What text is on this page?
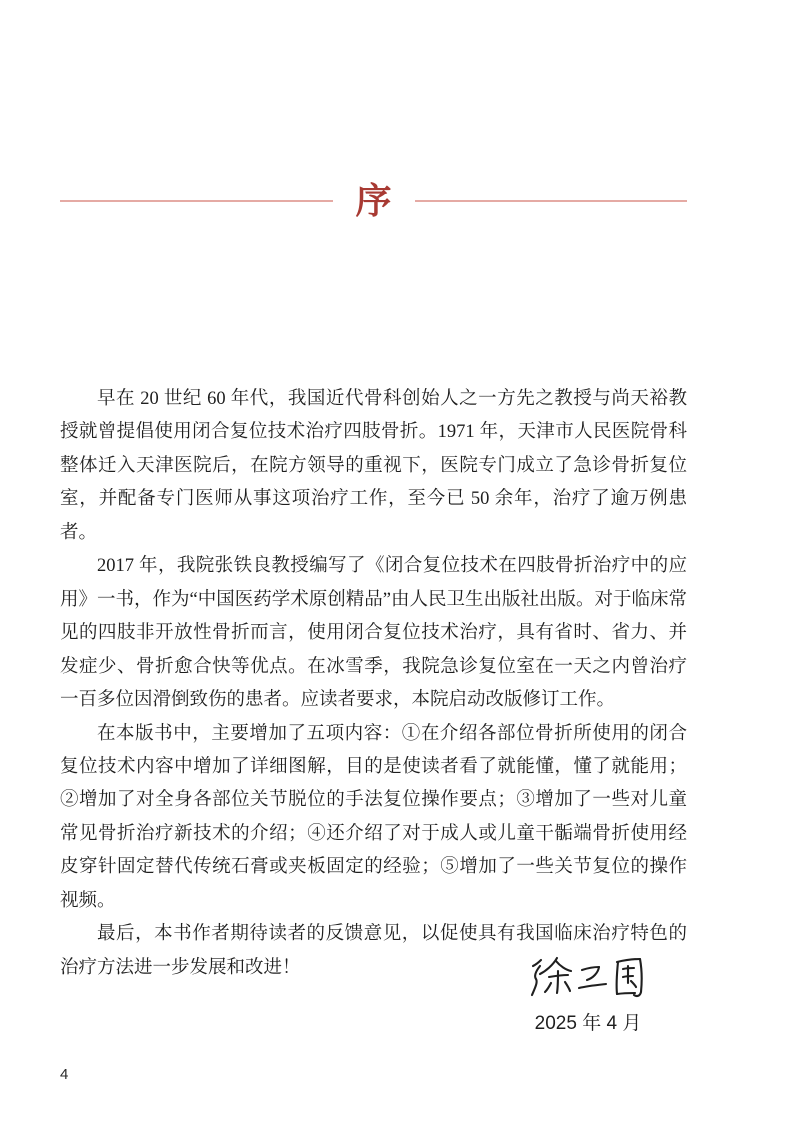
序

早在 20 世纪 60 年代，我国近代骨科创始人之一方先之教授与尚天裕教授就曾提倡使用闭合复位技术治疗四肢骨折。1971 年，天津市人民医院骨科整体迁入天津医院后，在院方领导的重视下，医院专门成立了急诊骨折复位室，并配备专门医师从事这项治疗工作，至今已 50 余年，治疗了逾万例患者。

2017 年，我院张铁良教授编写了《闭合复位技术在四肢骨折治疗中的应用》一书，作为“中国医药学术原创精品”由人民卫生出版社出版。对于临床常见的四肢非开放性骨折而言，使用闭合复位技术治疗，具有省时、省力、并发症少、骨折愈合快等优点。在冰雪季，我院急诊复位室在一天之内曾治疗一百多位因滑倒致伤的患者。应读者要求，本院启动改版修订工作。

在本版书中，主要增加了五项内容：①在介绍各部位骨折所使用的闭合复位技术内容中增加了详细图解，目的是使读者看了就能懂，懂了就能用；②增加了对全身各部位关节脱位的手法复位操作要点；③增加了一些对儿童常见骨折治疗新技术的介绍；④还介绍了对于成人或儿童干骺端骨折使用经皮穿针固定替代传统石膏或夹板固定的经验；⑤增加了一些关节复位的操作视频。

最后，本书作者期待读者的反馈意见，以促使具有我国临床治疗特色的治疗方法进一步发展和改进！

2025 年 4 月
4
